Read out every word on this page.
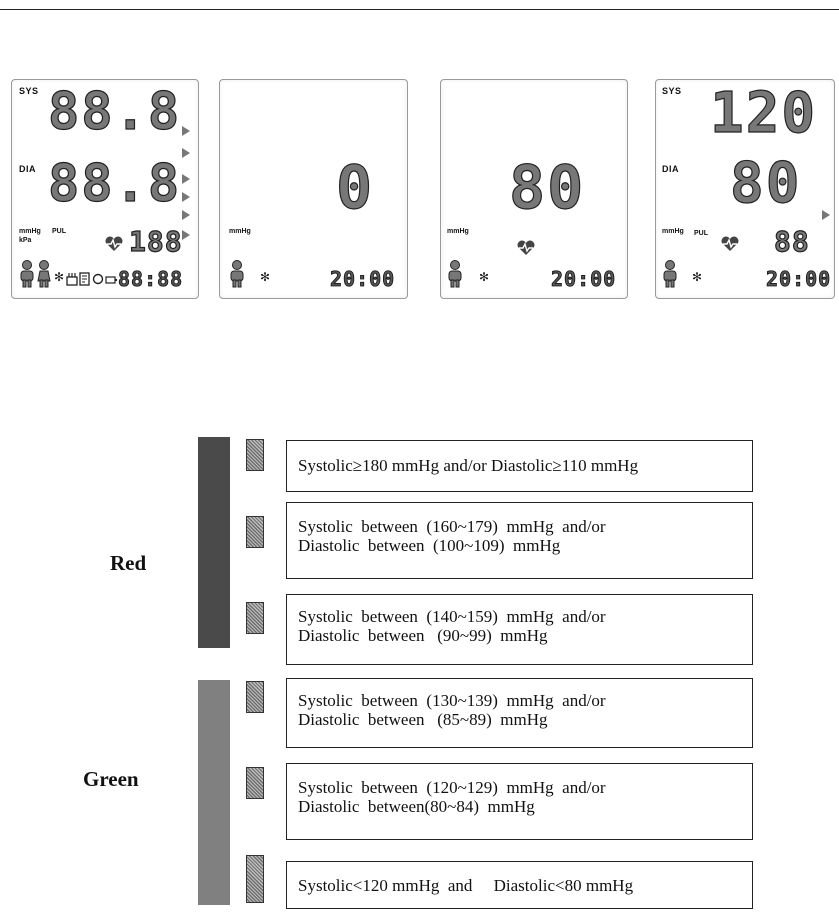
SYS 88.8
DIA 88.8
mmHg
kPa
PUL 188
✻	88:88
0
mmHg
✻	20:00
80
mmHg
✻	20:00
SYS 120
DIA 80
mmHg PUL 88
✻	20:00
Red
Green
Systolic≥180 mmHg and/or Diastolic≥110 mmHg
Systolic  between  (160~179)  mmHg  and/or
Diastolic  between  (100~109)  mmHg
Systolic  between  (140~159)  mmHg  and/or
Diastolic  between   (90~99)  mmHg
Systolic  between  (130~139)  mmHg  and/or
Diastolic  between   (85~89)  mmHg
Systolic  between  (120~129)  mmHg  and/or
Diastolic  between(80~84)  mmHg
Systolic<120 mmHg  and     Diastolic<80 mmHg
